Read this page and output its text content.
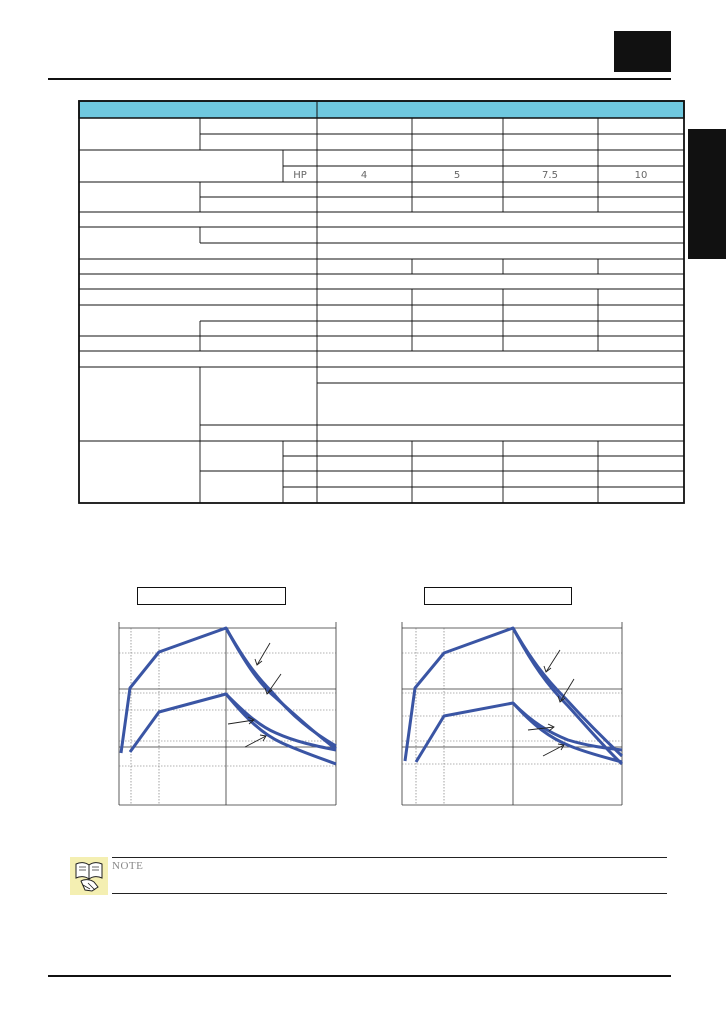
HP	4	5	7.5	10
NOTE
